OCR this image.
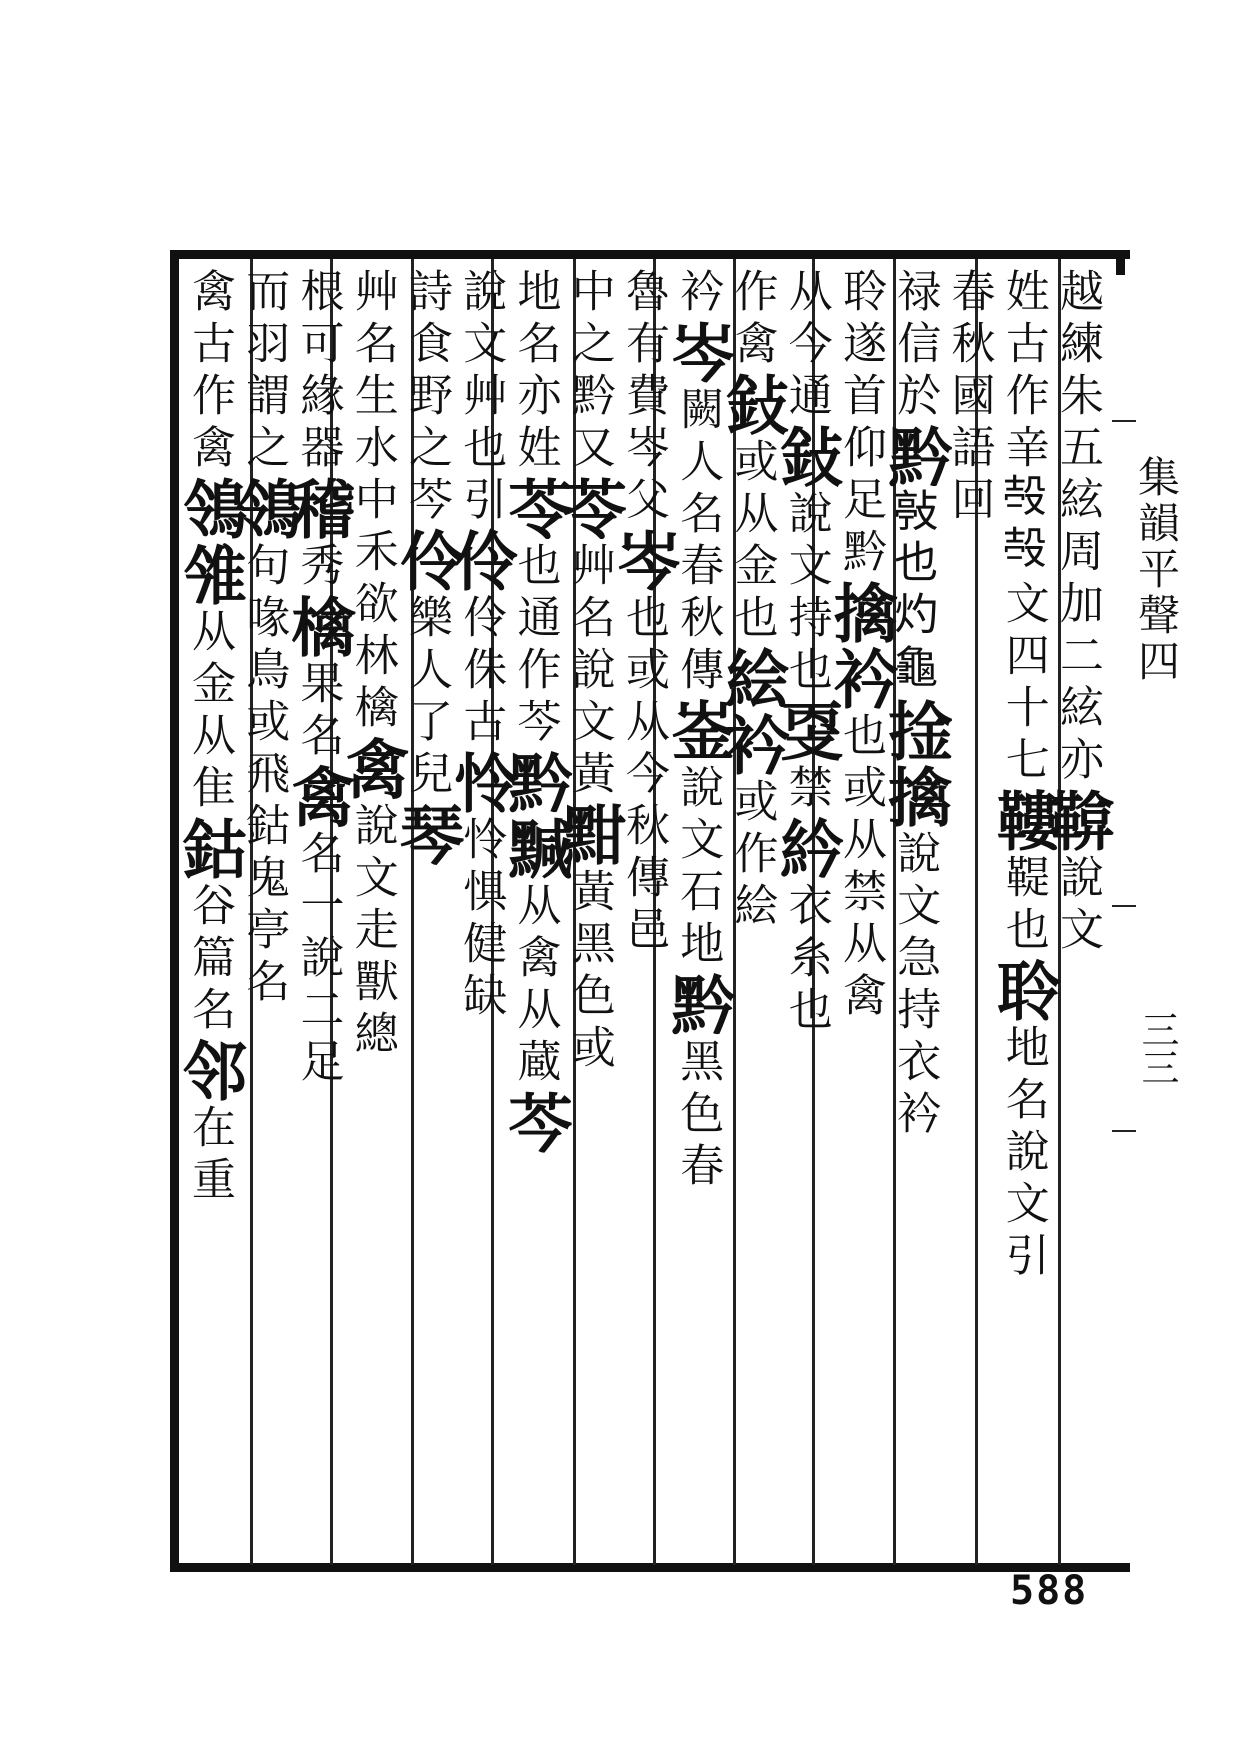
越練朱五絃周加二絃亦鞥說文
姓古作𨐌𣪊𣪊文四十七鞻鞮也聆地名說文引
春秋國語回
禄信於黔𢾊也灼龜捦擒說文急持衣衿
聆遂首仰足黔擒衿也或从禁从禽
从今通鈙說文持也㪅禁紟衣糸也
作禽鈙或从金也絵衿或作絵
衿岑闕人名春秋傳崟說文石地黔黑色春
魯有費岑父岑也或从今秋傳邑
中之黔又苓艸名說文黃黚黃黑色或
地名亦姓苓也通作芩黔黬从禽从蔵芩
說文艸也引伶伶侏古怜怜惧健缺
詩食野之芩伶樂人了兒琴
艸名生水中禾欲林檎禽說文走獸總
根可緣器稽秀檎果名禽名一說二足
而羽謂之鴒句喙鳥或飛鈷鬼亭名
禽古作禽鴒雂从金从隹鈷谷篇名邻在重
集韻平聲四
三三
588
